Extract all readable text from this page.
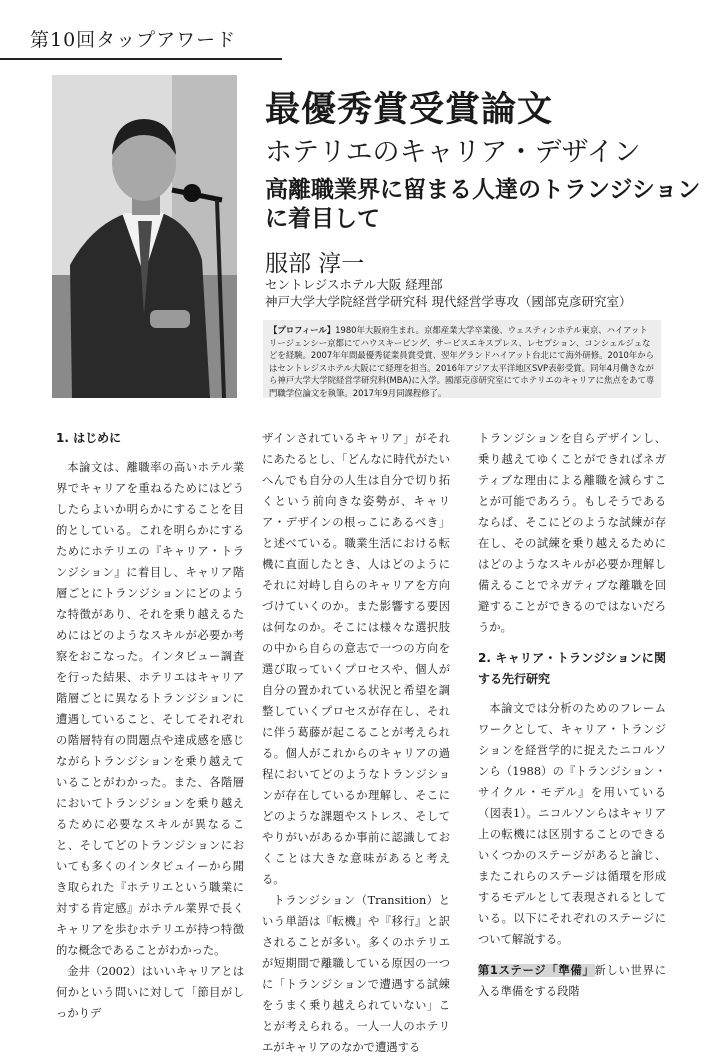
第10回タップアワード
最優秀賞受賞論文
ホテリエのキャリア・デザイン
高離職業界に留まる人達のトランジションに着目して
服部 淳一
セントレジスホテル大阪 経理部
神戸大学大学院経営学研究科 現代経営学専攻（國部克彦研究室）
【プロフィール】1980年大阪府生まれ。京都産業大学卒業後、ウェスティンホテル東京、ハイアットリージェンシー京都にてハウスキーピング、サービスエキスプレス、レセプション、コンシェルジュなどを経験。2007年年間最優秀従業員賞受賞、翌年グランドハイアット台北にて海外研修。2010年からはセントレジスホテル大阪にて経理を担当。2016年アジア太平洋地区SVP表彰受賞。同年4月働きながら神戸大学大学院経営学研究科(MBA)に入学。國部克彦研究室にてホテリエのキャリアに焦点をあて専門職学位論文を執筆。2017年9月同課程修了。
1. はじめに

本論文は、離職率の高いホテル業界でキャリアを重ねるためにはどうしたらよいか明らかにすることを目的としている。これを明らかにするためにホテリエの『キャリア・トランジション』に着目し、キャリア階層ごとにトランジションにどのような特徴があり、それを乗り越えるためにはどのようなスキルが必要か考察をおこなった。インタビュー調査を行った結果、ホテリエはキャリア階層ごとに異なるトランジションに遭遇していること、そしてそれぞれの階層特有の問題点や達成感を感じながらトランジションを乗り越えていることがわかった。また、各階層においてトランジションを乗り越えるために必要なスキルが異なること、そしてどのトランジションにおいても多くのインタビュイーから聞き取られた『ホテリエという職業に対する肯定感』がホテル業界で長くキャリアを歩むホテリエが持つ特徴的な概念であることがわかった。

金井（2002）はいいキャリアとは何かという問いに対して「節目がしっかりデ

ザインされているキャリア」がそれにあたるとし、「どんなに時代がたいへんでも自分の人生は自分で切り拓くという前向きな姿勢が、キャリア・デザインの根っこにあるべき」と述べている。職業生活における転機に直面したとき、人はどのようにそれに対峙し自らのキャリアを方向づけていくのか。また影響する要因は何なのか。そこには様々な選択肢の中から自らの意志で一つの方向を選び取っていくプロセスや、個人が自分の置かれている状況と希望を調整していくプロセスが存在し、それに伴う葛藤が起こることが考えられる。個人がこれからのキャリアの過程においてどのようなトランジションが存在しているか理解し、そこにどのような課題やストレス、そしてやりがいがあるか事前に認識しておくことは大きな意味があると考える。

トランジション（Transition）という単語は『転機』や『移行』と訳されることが多い。多くのホテリエが短期間で離職している原因の一つに「トランジションで遭遇する試練をうまく乗り越えられていない」ことが考えられる。一人一人のホテリエがキャリアのなかで遭遇する

トランジションを自らデザインし、乗り越えてゆくことができればネガティブな理由による離職を減らすことが可能であろう。もしそうであるならば、そこにどのような試練が存在し、その試練を乗り越えるためにはどのようなスキルが必要か理解し備えることでネガティブな離職を回避することができるのではないだろうか。

2. キャリア・トランジションに関する先行研究

本論文では分析のためのフレームワークとして、キャリア・トランジションを経営学的に捉えたニコルソンら（1988）の『トランジション・サイクル・モデル』を用いている（図表1）。ニコルソンらはキャリア上の転機には区別することのできるいくつかのステージがあると論じ、またこれらのステージは循環を形成するモデルとして表現されるとしている。以下にそれぞれのステージについて解説する。

第1ステージ「準備」新しい世界に入る準備をする段階
